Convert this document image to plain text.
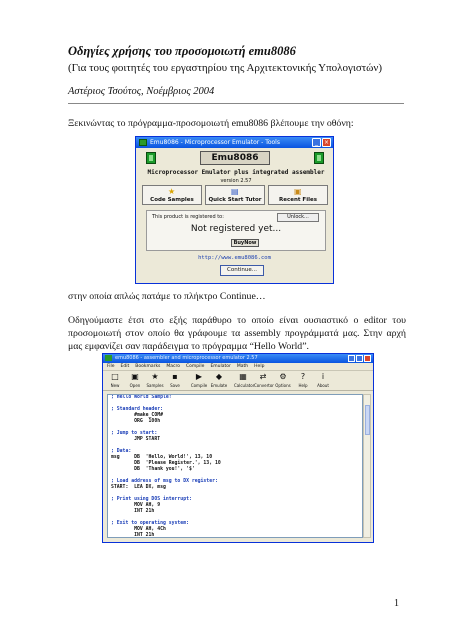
Οδηγίες χρήσης του προσομοιωτή emu8086
(Για τους φοιτητές του εργαστηρίου της Αρχιτεκτονικής Υπολογιστών)
Αστέριος Τσούτος, Νοέμβριος 2004
Ξεκινώντας το πρόγραμμα-προσομοιωτή emu8086 βλέπουμε την οθόνη:
Emu8086 - Microprocessor Emulator - Tools	_ ×
Emu8086
Microprocessor Emulator plus integrated assembler
version 2.57
★
Code Samples
▤
Quick Start Tutor
▣
Recent Files
This product is registered to:	Unlock...
Not registered yet...
BuyNow
http://www.emu8086.com
Continue...
στην οποία απλώς πατάμε το πλήκτρο Continue…
Οδηγούμαστε έτσι στο εξής παράθυρο το οποίο είναι ουσιαστικό ο editor του προσομοιωτή στον οποίο θα γράφουμε τα assembly προγράμματά μας. Στην αρχή μας εμφανίζει σαν παράδειγμα το πρόγραμμα “Hello World”.
emu8086 - assembler and microprocessor emulator 2.57
File Edit Bookmarks Macro Compile Emulator Math Help
□
New
▣
Open
★
Samples
▪
Save
▶
Compile
◆
Emulate
▦
Calculator
⇄
Convertor
⚙
Options
?
Help
i
About
; Hello World Sample!
; Standard header:
#make_COM#
ORG  100h
; Jump to start:
JMP START
; Data:
msg     DB  'Hello, World!', 13, 10
DB  'Please Register.', 13, 10
DB  'Thank you!', '$'
; Load address of msg to DX register:
START:  LEA DX, msg
; Print using DOS interrupt:
MOV AH, 9
INT 21h
; Exit to operating system:
MOV AH, 4Ch
INT 21h
1
